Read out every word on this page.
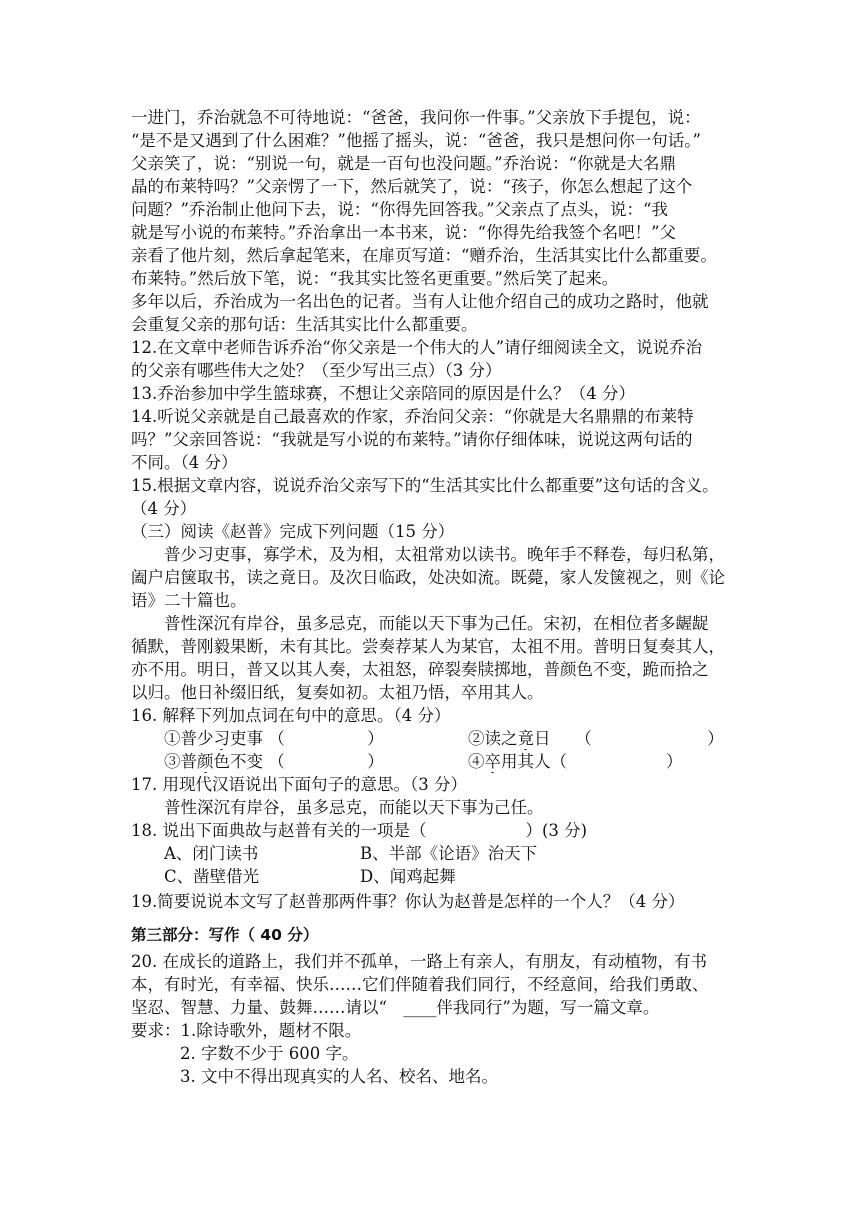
一进门，乔治就急不可待地说：“爸爸，我问你一件事。”父亲放下手提包，说：
“是不是又遇到了什么困难？”他摇了摇头，说：“爸爸，我只是想问你一句话。”
父亲笑了，说：“别说一句，就是一百句也没问题。”乔治说：“你就是大名鼎
晶的布莱特吗？”父亲愣了一下，然后就笑了，说：“孩子，你怎么想起了这个
问题？”乔治制止他问下去，说：“你得先回答我。”父亲点了点头，说：“我
就是写小说的布莱特。”乔治拿出一本书来，说：“你得先给我签个名吧！”父
亲看了他片刻，然后拿起笔来，在扉页写道：“赠乔治，生活其实比什么都重要。
布莱特。”然后放下笔，说：“我其实比签名更重要。”然后笑了起来。
多年以后，乔治成为一名出色的记者。当有人让他介绍自己的成功之路时，他就
会重复父亲的那句话：生活其实比什么都重要。
12.在文章中老师告诉乔治“你父亲是一个伟大的人”请仔细阅读全文，说说乔治
的父亲有哪些伟大之处？（至少写出三点）（3 分）
13.乔治参加中学生篮球赛，不想让父亲陪同的原因是什么？（4 分）
14.听说父亲就是自己最喜欢的作家，乔治问父亲：“你就是大名鼎鼎的布莱特
吗？”父亲回答说：“我就是写小说的布莱特。”请你仔细体味，说说这两句话的
不同。（4 分）
15.根据文章内容，说说乔治父亲写下的“生活其实比什么都重要”这句话的含义。
（4 分）
（三）阅读《赵普》完成下列问题（15 分）
普少习吏事，寡学术，及为相，太祖常劝以读书。晚年手不释卷，每归私第，
阖户启箧取书，读之竟日。及次日临政，处决如流。既薨，家人发箧视之，则《论
语》二十篇也。
普性深沉有岸谷，虽多忌克，而能以天下事为己任。宋初，在相位者多龌龊
循默，普刚毅果断，未有其比。尝奏荐某人为某官，太祖不用。普明日复奏其人，
亦不用。明日，普又以其人奏，太祖怒，碎裂奏牍掷地，普颜色不变，跪而拾之
以归。他日补缀旧纸，复奏如初。太祖乃悟，卒用其人。
16. 解释下列加点词在句中的意思。（4 分）
①普少习吏事 （　　　　　）	②读之竟日　　（　　　　　　　）
③普颜色不变 （　　　　　）	④卒用其人（　　　　　　）
17. 用现代汉语说出下面句子的意思。（3 分）
普性深沉有岸谷，虽多忌克，而能以天下事为己任。
18. 说出下面典故与赵普有关的一项是（　　　　　　）(3 分)
A、闭门读书	B、半部《论语》治天下
C、凿壁借光	D、闻鸡起舞
19.简要说说本文写了赵普那两件事？你认为赵普是怎样的一个人？（4 分）
第三部分：写作（ 40 分）
20. 在成长的道路上，我们并不孤单，一路上有亲人，有朋友，有动植物，有书
本，有时光，有幸福、快乐……它们伴随着我们同行，不经意间，给我们勇敢、
坚忍、智慧、力量、鼓舞……请以“　____伴我同行”为题，写一篇文章。
要求：1.除诗歌外，题材不限。
2. 字数不少于 600 字。
3. 文中不得出现真实的人名、校名、地名。
